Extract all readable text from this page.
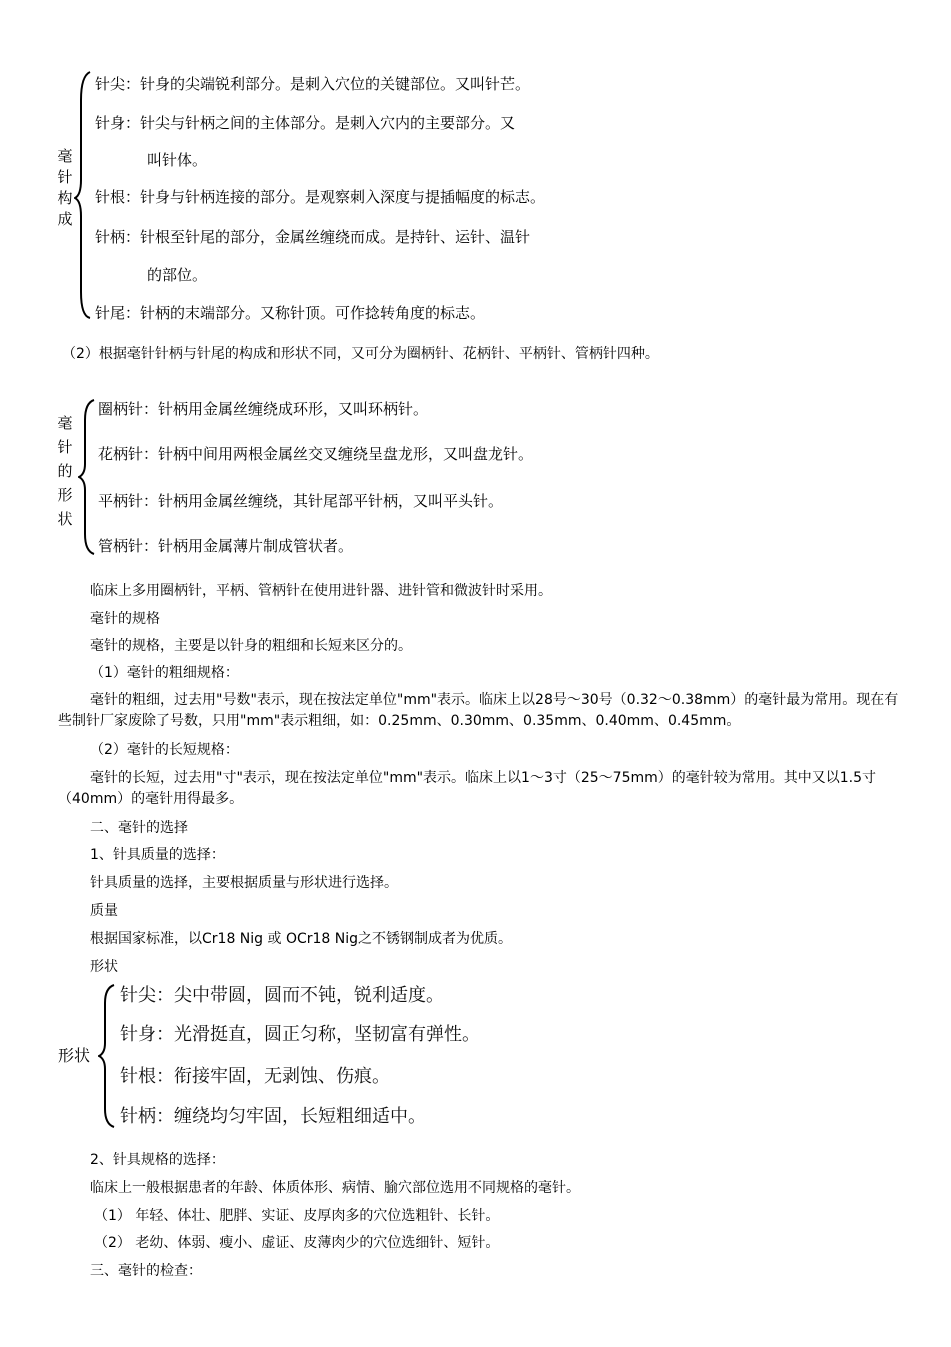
毫
针
构
成
针尖：针身的尖端锐利部分。是刺入穴位的关键部位。又叫针芒。
针身：针尖与针柄之间的主体部分。是刺入穴内的主要部分。又
叫针体。
针根：针身与针柄连接的部分。是观察刺入深度与提插幅度的标志。
针柄：针根至针尾的部分，金属丝缠绕而成。是持针、运针、温针
的部位。
针尾：针柄的末端部分。又称针顶。可作捻转角度的标志。
（2）根据毫针针柄与针尾的构成和形状不同，又可分为圈柄针、花柄针、平柄针、管柄针四种。
毫
针
的
形
状
圈柄针：针柄用金属丝缠绕成环形，又叫环柄针。
花柄针：针柄中间用两根金属丝交叉缠绕呈盘龙形，又叫盘龙针。
平柄针：针柄用金属丝缠绕，其针尾部平针柄，又叫平头针。
管柄针：针柄用金属薄片制成管状者。
临床上多用圈柄针，平柄、管柄针在使用进针器、进针管和微波针时采用。
毫针的规格
毫针的规格，主要是以针身的粗细和长短来区分的。
（1）毫针的粗细规格：
毫针的粗细，过去用"号数"表示，现在按法定单位"mm"表示。临床上以28号～30号（0.32～0.38mm）的毫针最为常用。现在有些制针厂家废除了号数，只用"mm"表示粗细，如：0.25mm、0.30mm、0.35mm、0.40mm、0.45mm。
（2）毫针的长短规格：
毫针的长短，过去用"寸"表示，现在按法定单位"mm"表示。临床上以1～3寸（25～75mm）的毫针较为常用。其中又以1.5寸（40mm）的毫针用得最多。
二、毫针的选择
1、针具质量的选择：
针具质量的选择，主要根据质量与形状进行选择。
质量
根据国家标准，以Cr18 Nig 或 OCr18 Nig之不锈钢制成者为优质。
形状
形状
针尖：尖中带圆，圆而不钝，锐利适度。
针身：光滑挺直，圆正匀称，坚韧富有弹性。
针根：衔接牢固，无剥蚀、伤痕。
针柄：缠绕均匀牢固，长短粗细适中。
2、针具规格的选择：
临床上一般根据患者的年龄、体质体形、病情、腧穴部位选用不同规格的毫针。
（1） 年轻、体壮、肥胖、实证、皮厚肉多的穴位选粗针、长针。
（2） 老幼、体弱、瘦小、虚证、皮薄肉少的穴位选细针、短针。
三、毫针的检查：
